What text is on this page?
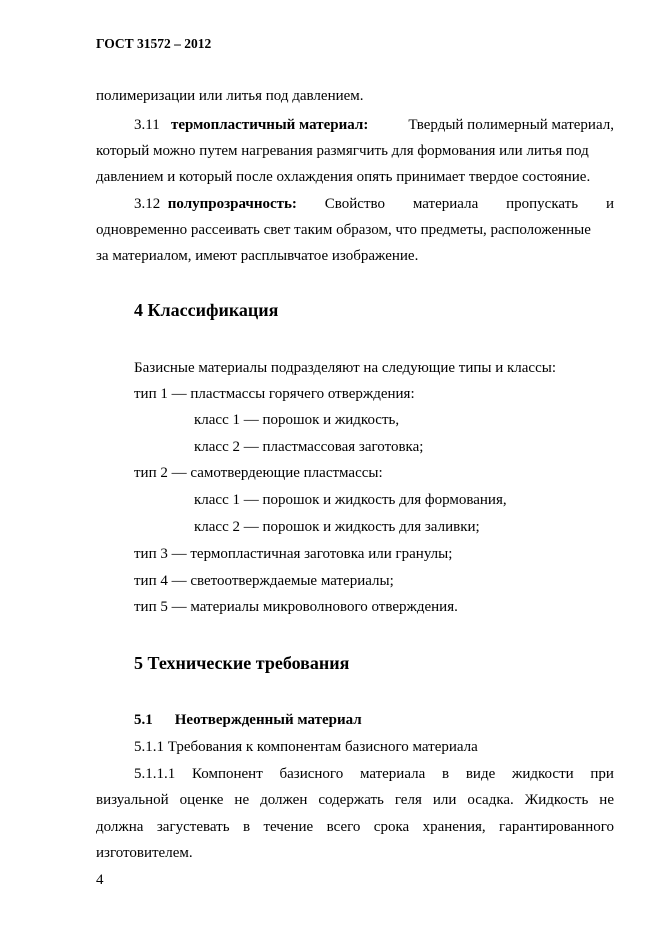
ГОСТ 31572 – 2012
полимеризации или литья под давлением.
3.11 термопластичный материал:	Твердый полимерный материал,
который можно путем нагревания размягчить для формования или литья под
давлением и который после охлаждения опять принимает твердое состояние.
3.12 полупрозрачность: Свойство материала пропускать и
одновременно рассеивать свет таким образом, что предметы, расположенные
за материалом, имеют расплывчатое изображение.
4 Классификация
Базисные материалы подразделяют на следующие типы и классы:
тип 1 — пластмассы горячего отверждения:
класс 1 — порошок и жидкость,
класс 2 — пластмассовая заготовка;
тип 2 — самотвердеющие пластмассы:
класс 1 — порошок и жидкость для формования,
класс 2 — порошок и жидкость для заливки;
тип 3 — термопластичная заготовка или гранулы;
тип 4 — светоотверждаемые материалы;
тип 5 — материалы микроволнового отверждения.
5 Технические требования
5.1 Неотвержденный материал
5.1.1 Требования к компонентам базисного материала
5.1.1.1 Компонент базисного материала в виде жидкости при
визуальной оценке не должен содержать геля или осадка. Жидкость не
должна загустевать в течение всего срока хранения, гарантированного
изготовителем.
4
